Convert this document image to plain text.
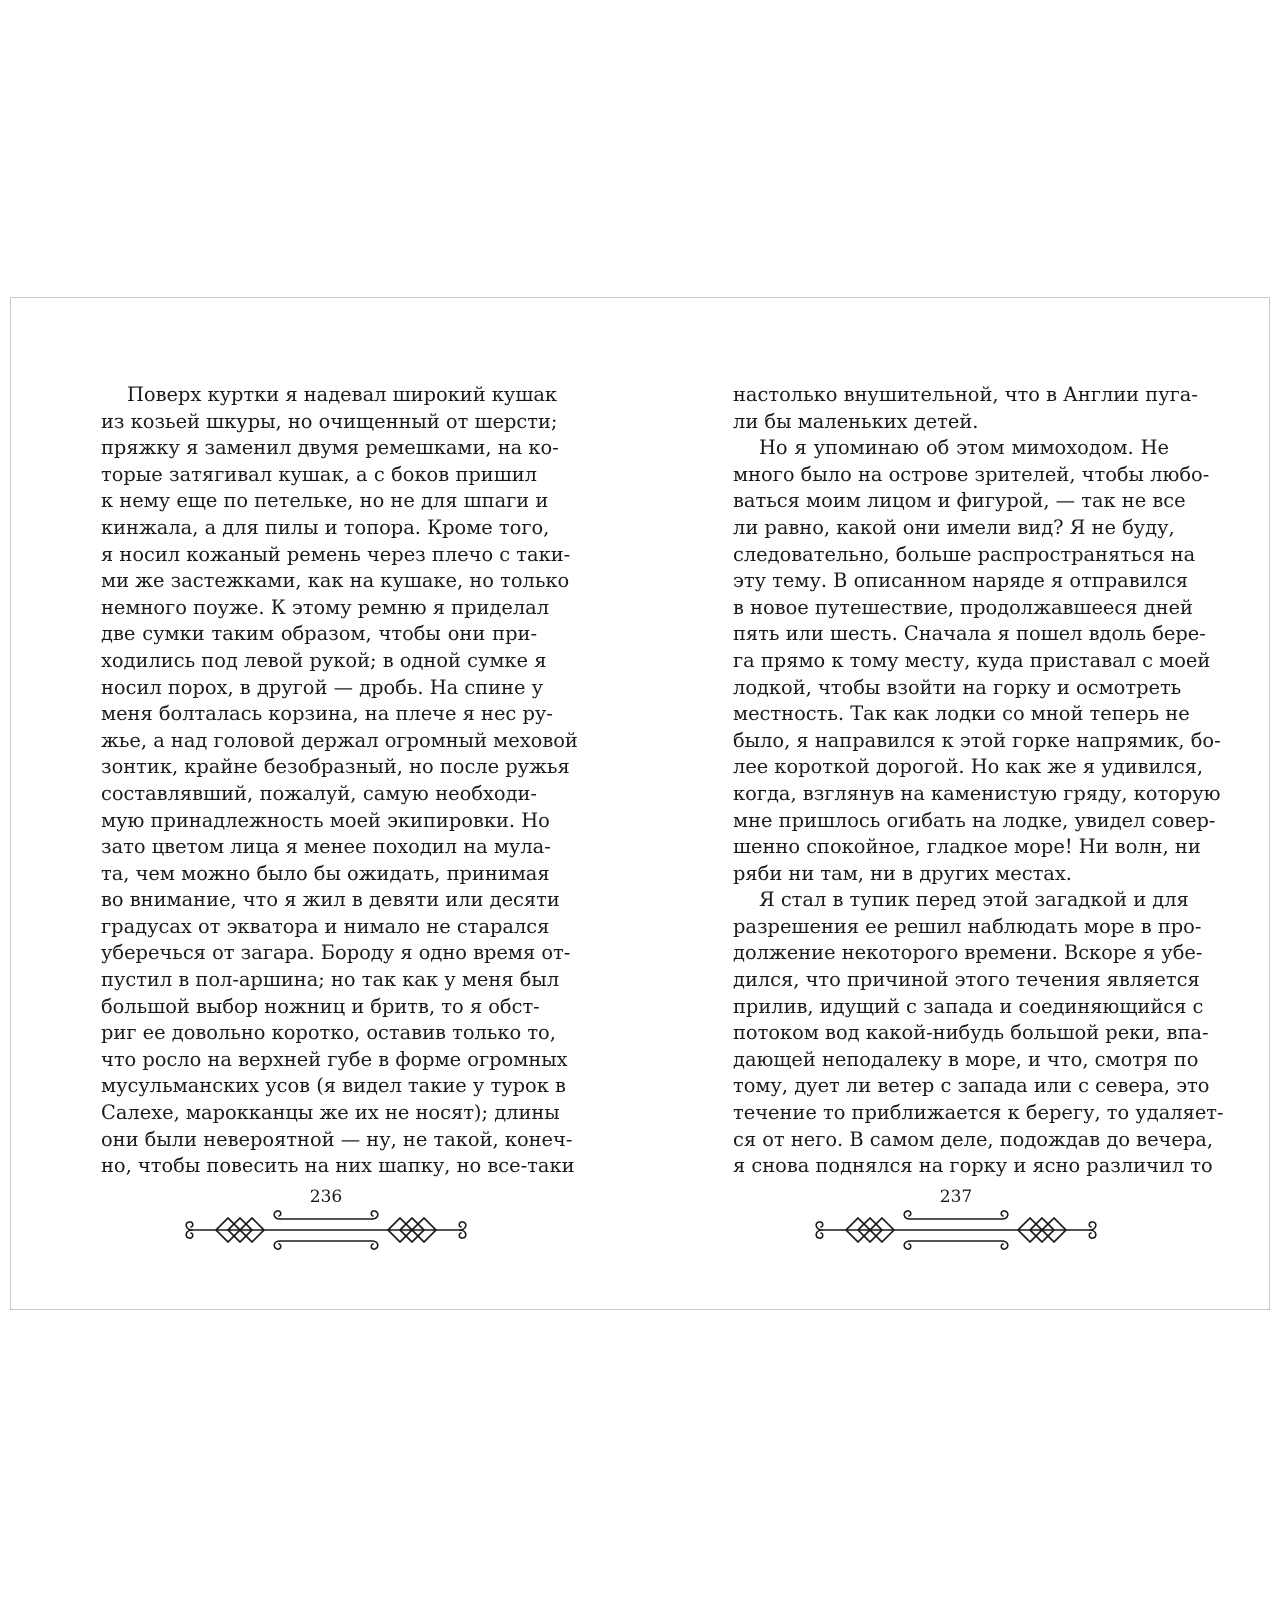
Поверх куртки я надевал широкий кушак
из козьей шкуры, но очищенный от шерсти;
пряжку я заменил двумя ремешками, на ко-
торые затягивал кушак, а с боков пришил
к нему еще по петельке, но не для шпаги и
кинжала, а для пилы и топора. Кроме того,
я носил кожаный ремень через плечо с таки-
ми же застежками, как на кушаке, но только
немного поуже. К этому ремню я приделал
две сумки таким образом, чтобы они при-
ходились под левой рукой; в одной сумке я
носил порох, в другой — дробь. На спине у
меня болталась корзина, на плече я нес ру-
жье, а над головой держал огромный меховой
зонтик, крайне безобразный, но после ружья
составлявший, пожалуй, самую необходи-
мую принадлежность моей экипировки. Но
зато цветом лица я менее походил на мула-
та, чем можно было бы ожидать, принимая
во внимание, что я жил в девяти или десяти
градусах от экватора и нимало не старался
уберечься от загара. Бороду я одно время от-
пустил в пол-аршина; но так как у меня был
большой выбор ножниц и бритв, то я обст-
риг ее довольно коротко, оставив только то,
что росло на верхней губе в форме огромных
мусульманских усов (я видел такие у турок в
Салехе, марокканцы же их не носят); длины
они были невероятной — ну, не такой, конеч-
но, чтобы повесить на них шапку, но все-таки
236
настолько внушительной, что в Англии пуга-
ли бы маленьких детей.
Но я упоминаю об этом мимоходом. Не
много было на острове зрителей, чтобы любо-
ваться моим лицом и фигурой, — так не все
ли равно, какой они имели вид? Я не буду,
следовательно, больше распространяться на
эту тему. В описанном наряде я отправился
в новое путешествие, продолжавшееся дней
пять или шесть. Сначала я пошел вдоль бере-
га прямо к тому месту, куда приставал с моей
лодкой, чтобы взойти на горку и осмотреть
местность. Так как лодки со мной теперь не
было, я направился к этой горке напрямик, бо-
лее короткой дорогой. Но как же я удивился,
когда, взглянув на каменистую гряду, которую
мне пришлось огибать на лодке, увидел совер-
шенно спокойное, гладкое море! Ни волн, ни
ряби ни там, ни в других местах.
Я стал в тупик перед этой загадкой и для
разрешения ее решил наблюдать море в про-
должение некоторого времени. Вскоре я убе-
дился, что причиной этого течения является
прилив, идущий с запада и соединяющийся с
потоком вод какой-нибудь большой реки, впа-
дающей неподалеку в море, и что, смотря по
тому, дует ли ветер с запада или с севера, это
течение то приближается к берегу, то удаляет-
ся от него. В самом деле, подождав до вечера,
я снова поднялся на горку и ясно различил то
237
